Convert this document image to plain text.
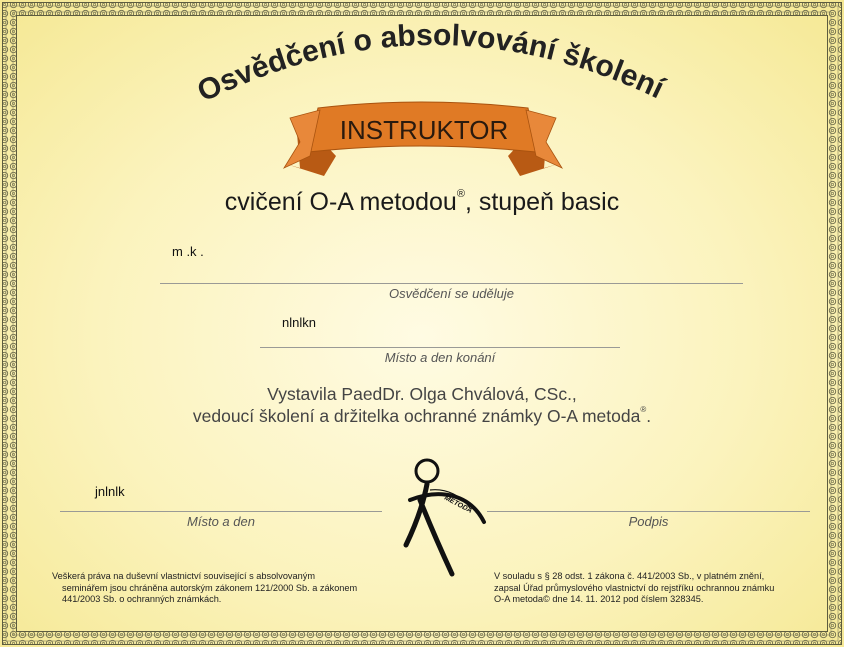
Osvědčení o absolvování školení
INSTRUKTOR
cvičení O-A metodou®, stupeň basic
m .k .
Osvědčení se uděluje
nlnlkn
Místo a den konání
Vystavila PaedDr. Olga Chválová, CSc.,
vedoucí školení a držitelka ochranné známky O-A metoda®.
jnlnlk
Místo a den	Podpis
METODA
Veškerá práva na duševní vlastnictví související s absolvovaným
seminářem jsou chráněna autorským zákonem 121/2000 Sb. a zákonem
441/2003 Sb. o ochranných známkách.
V souladu s § 28 odst. 1 zákona č. 441/2003 Sb., v platném znění,
zapsal Úřad průmyslového vlastnictví do rejstříku ochrannou známku
O-A metoda© dne 14. 11. 2012 pod číslem 328345.
